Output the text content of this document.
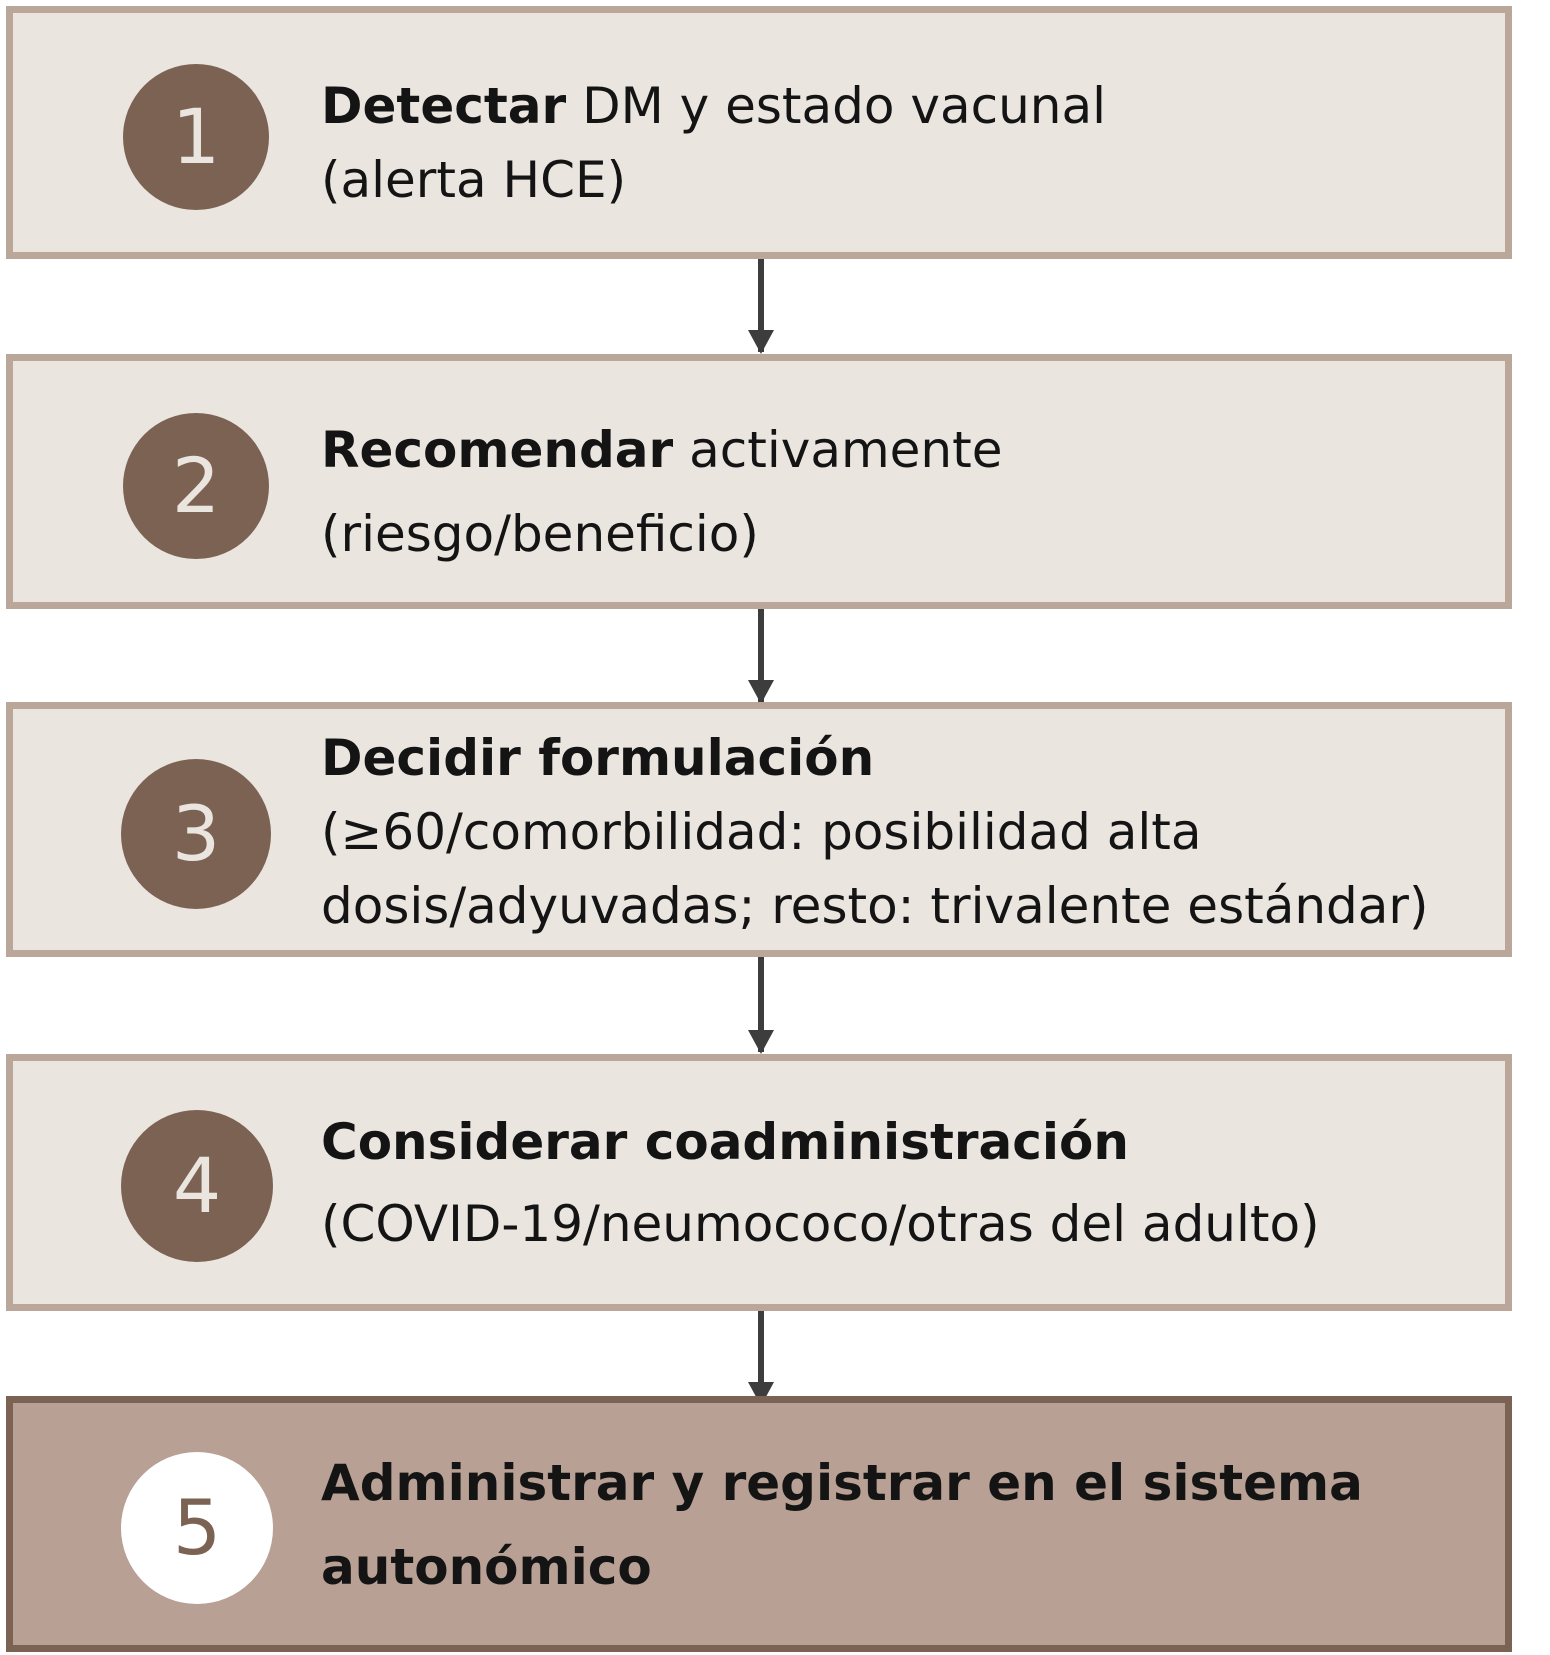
1	Detectar DM y estado vacunal
(alerta HCE)
2	Recomendar activamente
(riesgo/beneficio)
3
Decidir formulación
(≥60/comorbilidad: posibilidad alta
dosis/adyuvadas; resto: trivalente estándar)
4	Considerar coadministración
(COVID-19/neumococo/otras del adulto)
5	Administrar y registrar en el sistema
autonómico
